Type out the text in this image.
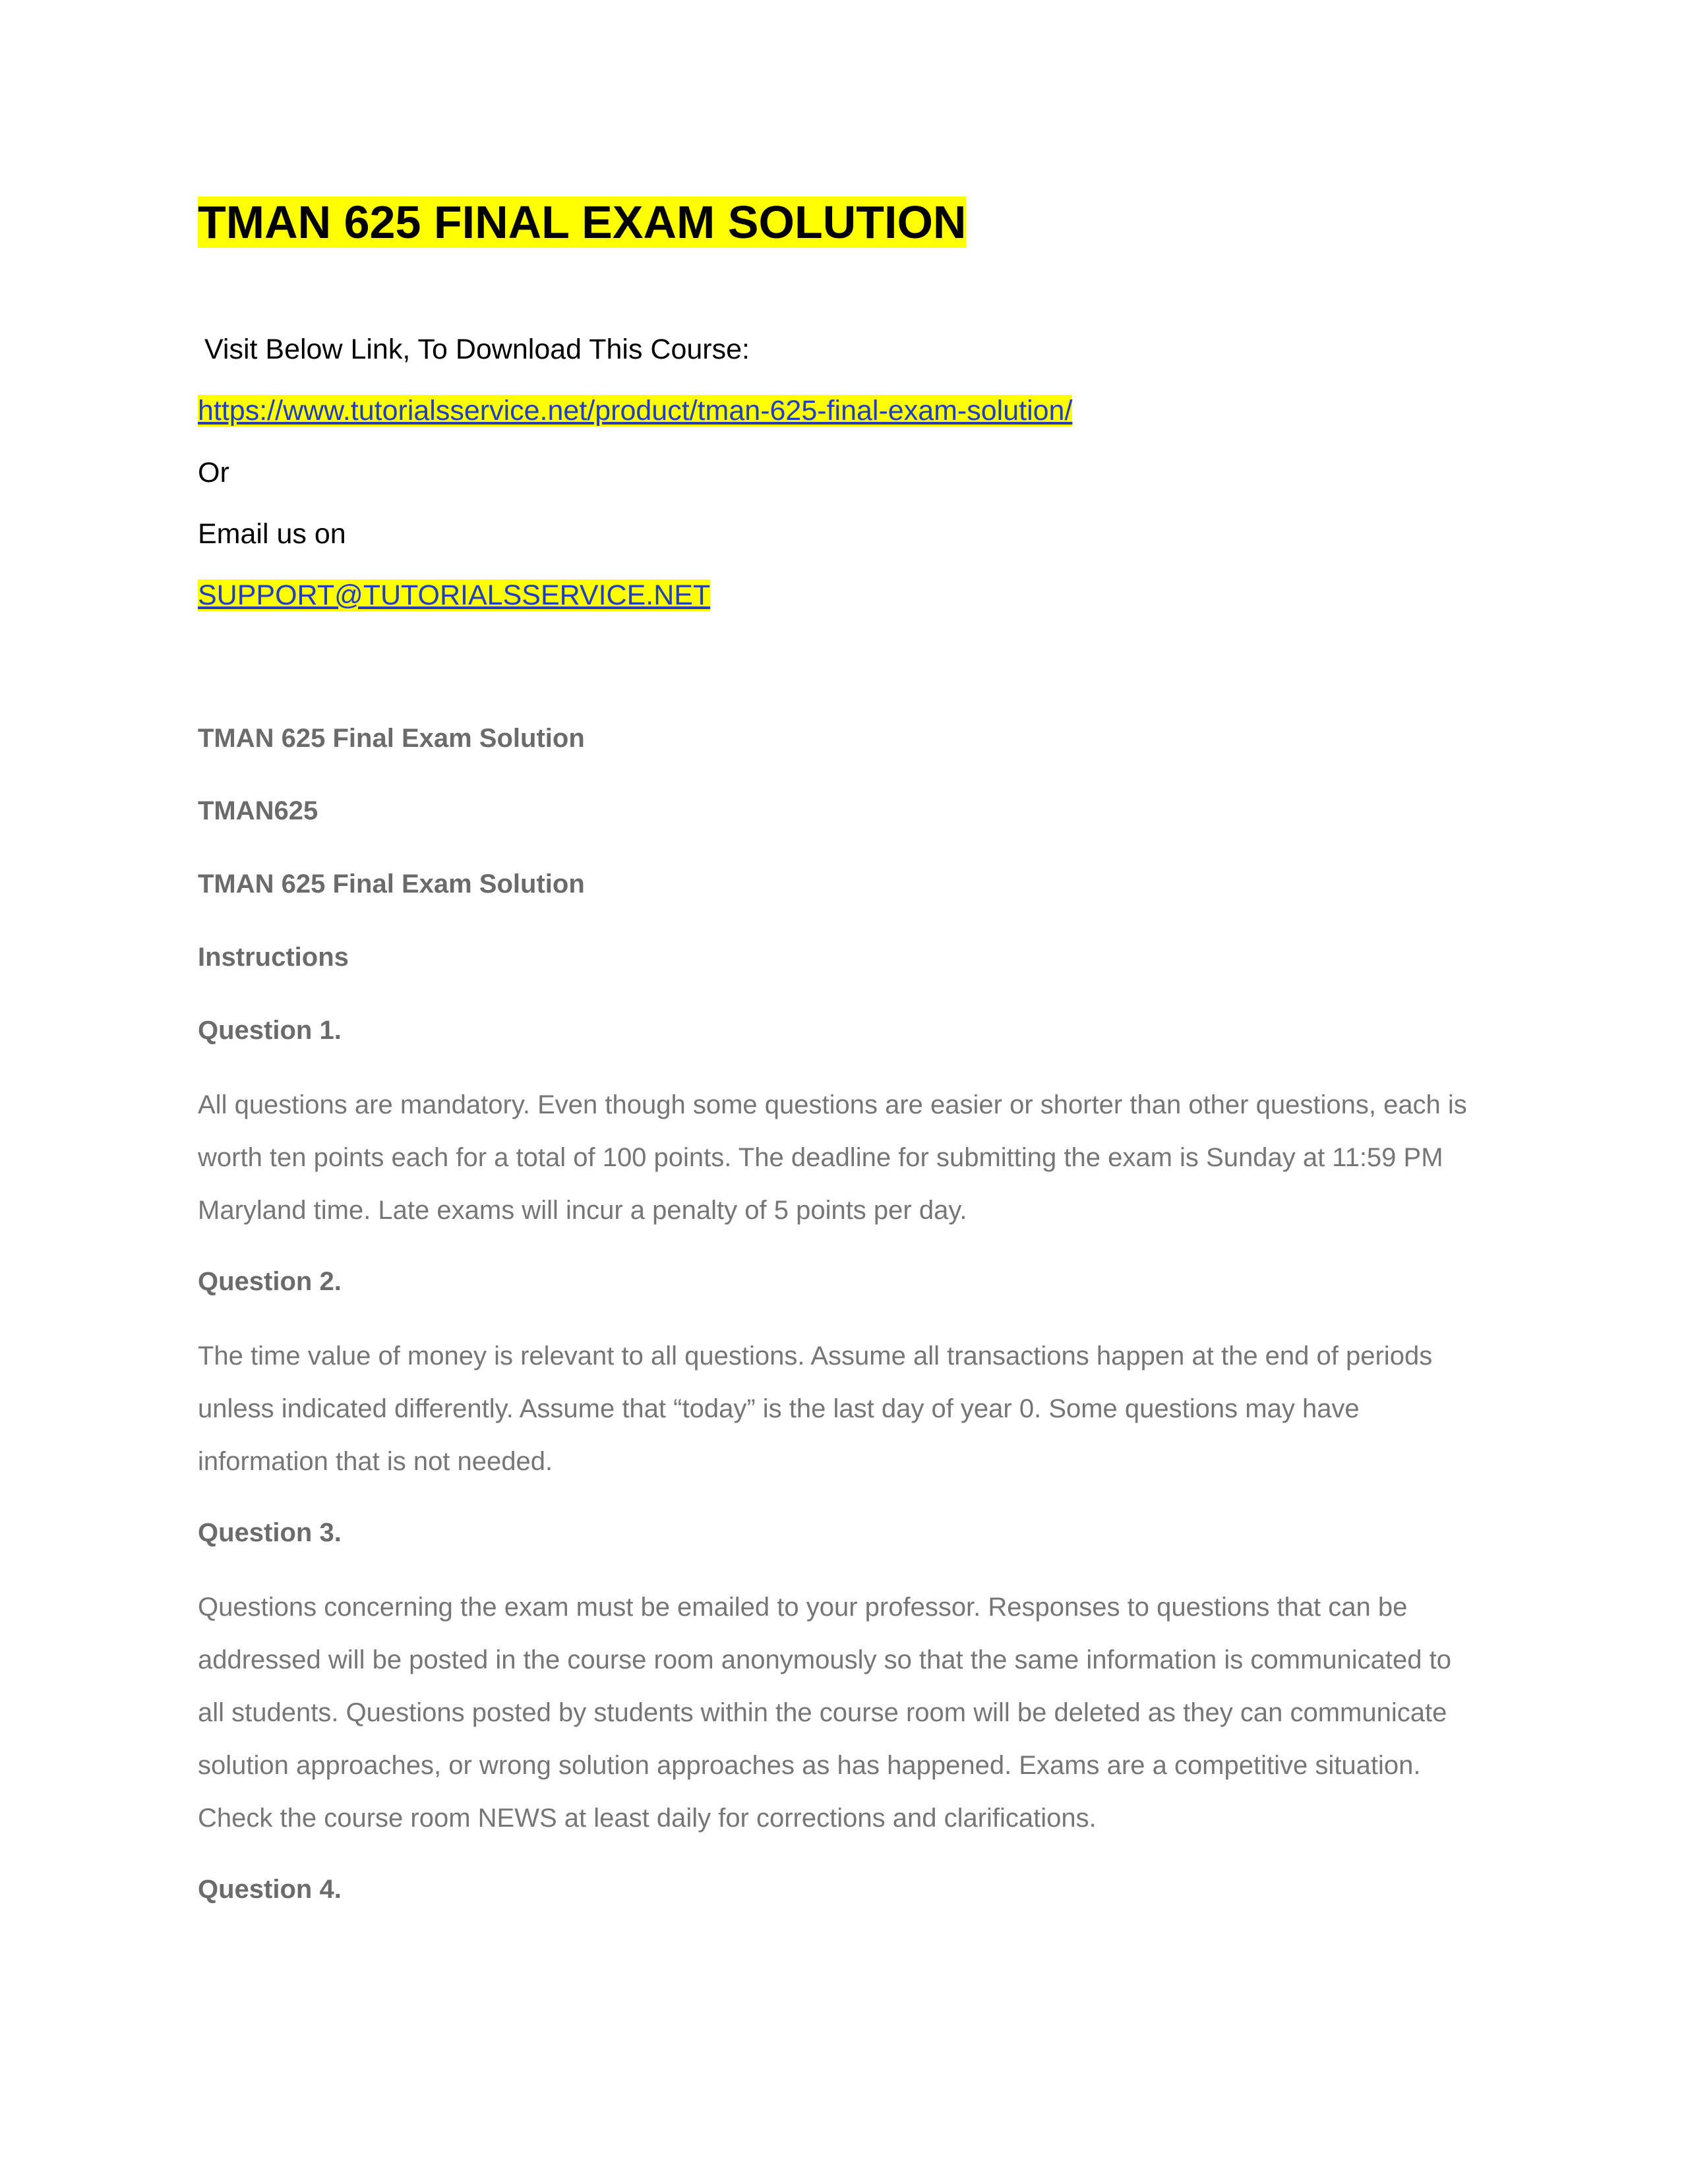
TMAN 625 FINAL EXAM SOLUTION

Visit Below Link, To Download This Course:

https://www.tutorialsservice.net/product/tman-625-final-exam-solution/

Or

Email us on

SUPPORT@TUTORIALSSERVICE.NET

TMAN 625 Final Exam Solution

TMAN625

TMAN 625 Final Exam Solution

Instructions

Question 1.

All questions are mandatory. Even though some questions are easier or shorter than other questions, each is worth ten points each for a total of 100 points. The deadline for submitting the exam is Sunday at 11:59 PM Maryland time. Late exams will incur a penalty of 5 points per day.

Question 2.

The time value of money is relevant to all questions. Assume all transactions happen at the end of periods unless indicated differently. Assume that “today” is the last day of year 0. Some questions may have information that is not needed.

Question 3.

Questions concerning the exam must be emailed to your professor. Responses to questions that can be addressed will be posted in the course room anonymously so that the same information is communicated to all students. Questions posted by students within the course room will be deleted as they can communicate solution approaches, or wrong solution approaches as has happened. Exams are a competitive situation. Check the course room NEWS at least daily for corrections and clarifications.

Question 4.
